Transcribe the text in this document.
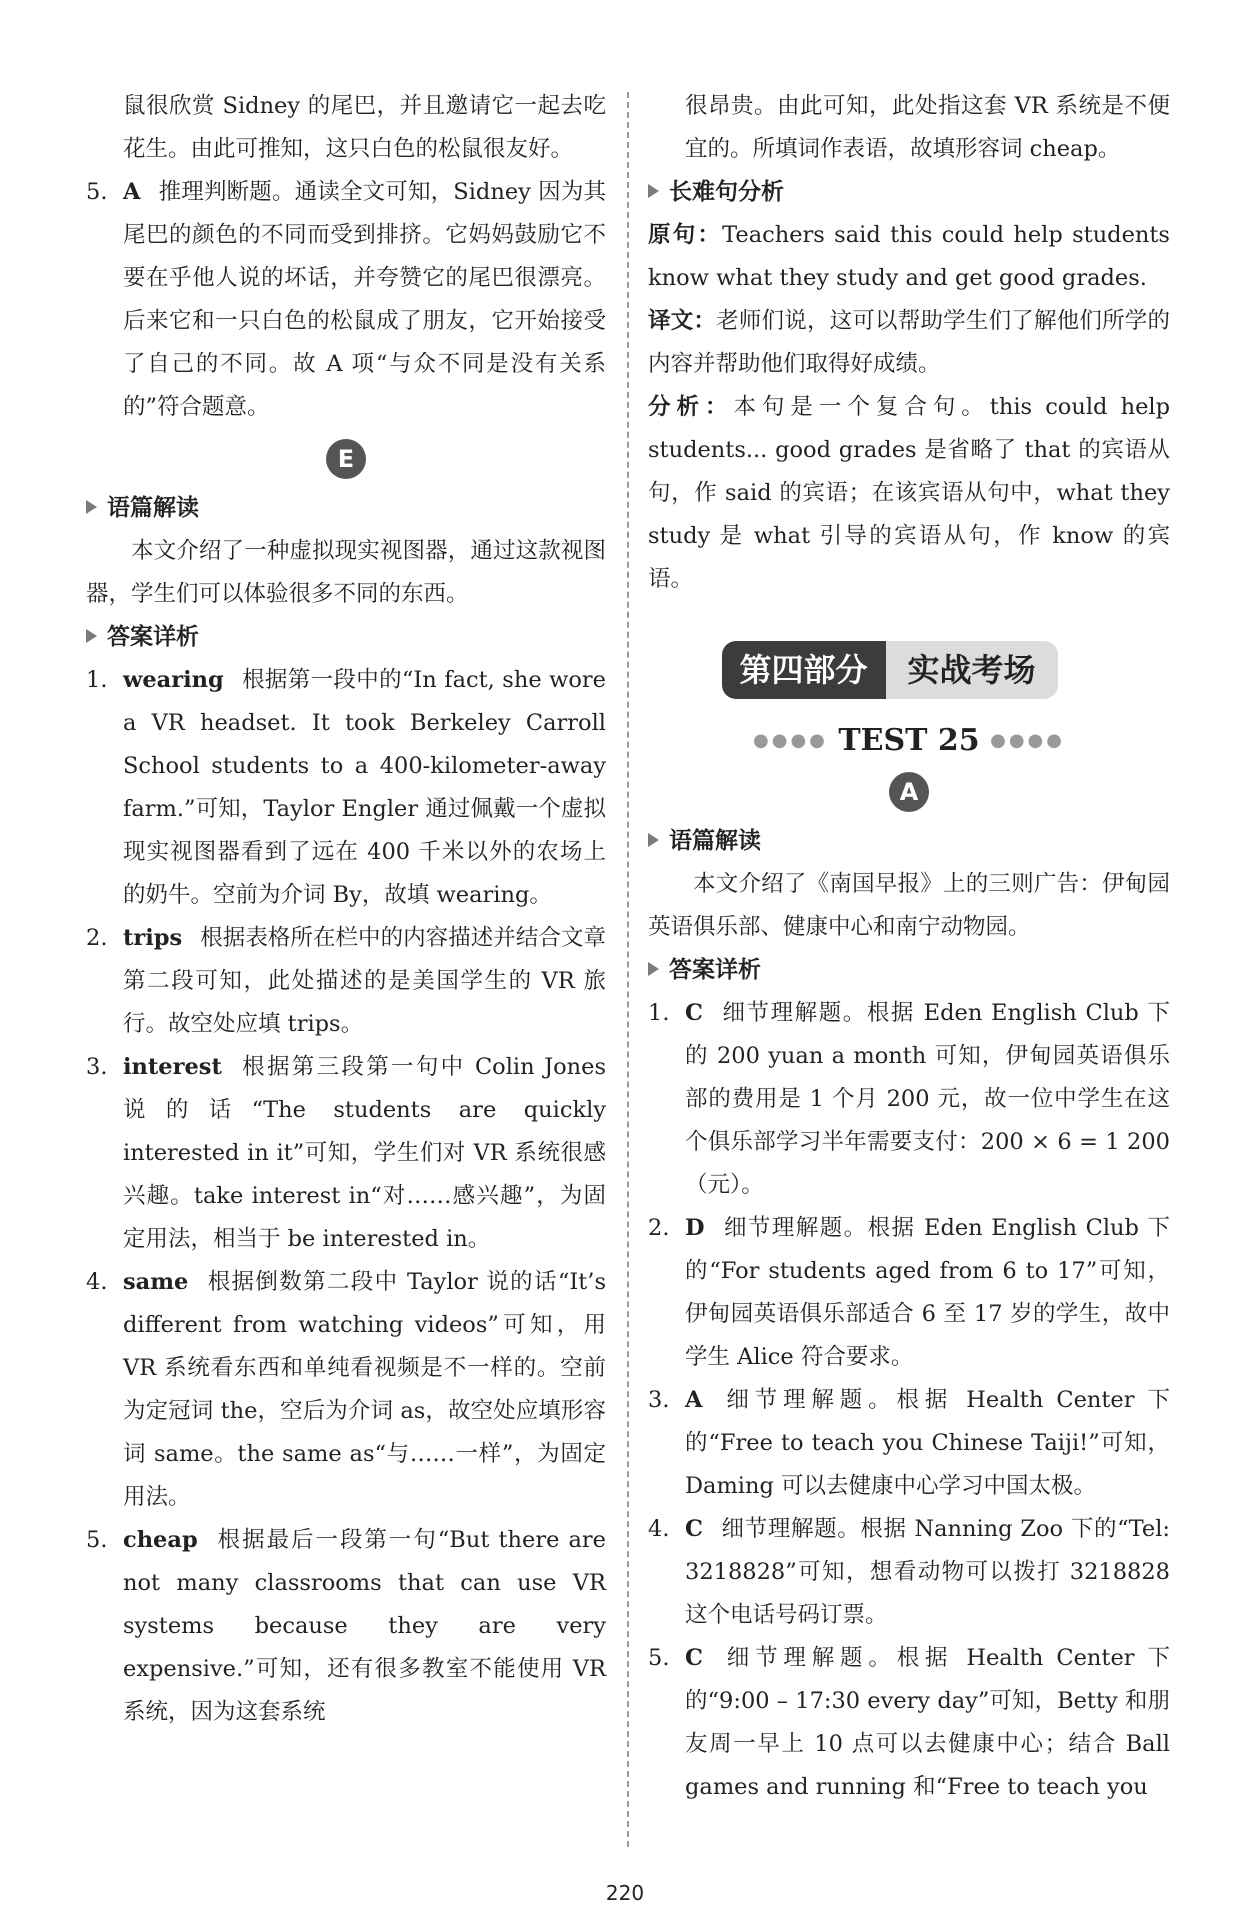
鼠很欣赏 Sidney 的尾巴，并且邀请它一起去吃花生。由此可推知，这只白色的松鼠很友好。

5. A 推理判断题。通读全文可知，Sidney 因为其尾巴的颜色的不同而受到排挤。它妈妈鼓励它不要在乎他人说的坏话，并夸赞它的尾巴很漂亮。后来它和一只白色的松鼠成了朋友，它开始接受了自己的不同。故 A 项“与众不同是没有关系的”符合题意。

E

语篇解读

本文介绍了一种虚拟现实视图器，通过这款视图器，学生们可以体验很多不同的东西。

答案详析

1. wearing 根据第一段中的“In fact, she wore a VR headset. It took Berkeley Carroll School students to a 400-kilometer-away farm.”可知，Taylor Engler 通过佩戴一个虚拟现实视图器看到了远在 400 千米以外的农场上的奶牛。空前为介词 By，故填 wearing。

2. trips 根据表格所在栏中的内容描述并结合文章第二段可知，此处描述的是美国学生的 VR 旅行。故空处应填 trips。

3. interest 根据第三段第一句中 Colin Jones 说的话“The students are quickly interested in it”可知，学生们对 VR 系统很感兴趣。take interest in“对……感兴趣”，为固定用法，相当于 be interested in。

4. same 根据倒数第二段中 Taylor 说的话“It’s different from watching videos”可知，用 VR 系统看东西和单纯看视频是不一样的。空前为定冠词 the，空后为介词 as，故空处应填形容词 same。the same as“与……一样”，为固定用法。

5. cheap 根据最后一段第一句“But there are not many classrooms that can use VR systems because they are very expensive.”可知，还有很多教室不能使用 VR 系统，因为这套系统

很昂贵。由此可知，此处指这套 VR 系统是不便宜的。所填词作表语，故填形容词 cheap。

长难句分析

原句：Teachers said this could help students know what they study and get good grades.

译文：老师们说，这可以帮助学生们了解他们所学的内容并帮助他们取得好成绩。

分析：本句是一个复合句。this could help students... good grades 是省略了 that 的宾语从句，作 said 的宾语；在该宾语从句中，what they study 是 what 引导的宾语从句，作 know 的宾语。

第四部分	实战考场
●●●● TEST 25 ●●●●
A

语篇解读

本文介绍了《南国早报》上的三则广告：伊甸园英语俱乐部、健康中心和南宁动物园。

答案详析

1. C 细节理解题。根据 Eden English Club 下的 200 yuan a month 可知，伊甸园英语俱乐部的费用是 1 个月 200 元，故一位中学生在这个俱乐部学习半年需要支付：200 × 6 = 1 200（元）。

2. D 细节理解题。根据 Eden English Club 下的“For students aged from 6 to 17”可知，伊甸园英语俱乐部适合 6 至 17 岁的学生，故中学生 Alice 符合要求。

3. A 细节理解题。根据 Health Center 下的“Free to teach you Chinese Taiji!”可知，Daming 可以去健康中心学习中国太极。

4. C 细节理解题。根据 Nanning Zoo 下的“Tel: 3218828”可知，想看动物可以拨打 3218828 这个电话号码订票。

5. C 细节理解题。根据 Health Center 下的“9:00 – 17:30 every day”可知，Betty 和朋友周一早上 10 点可以去健康中心；结合 Ball games and running 和“Free to teach you

220
